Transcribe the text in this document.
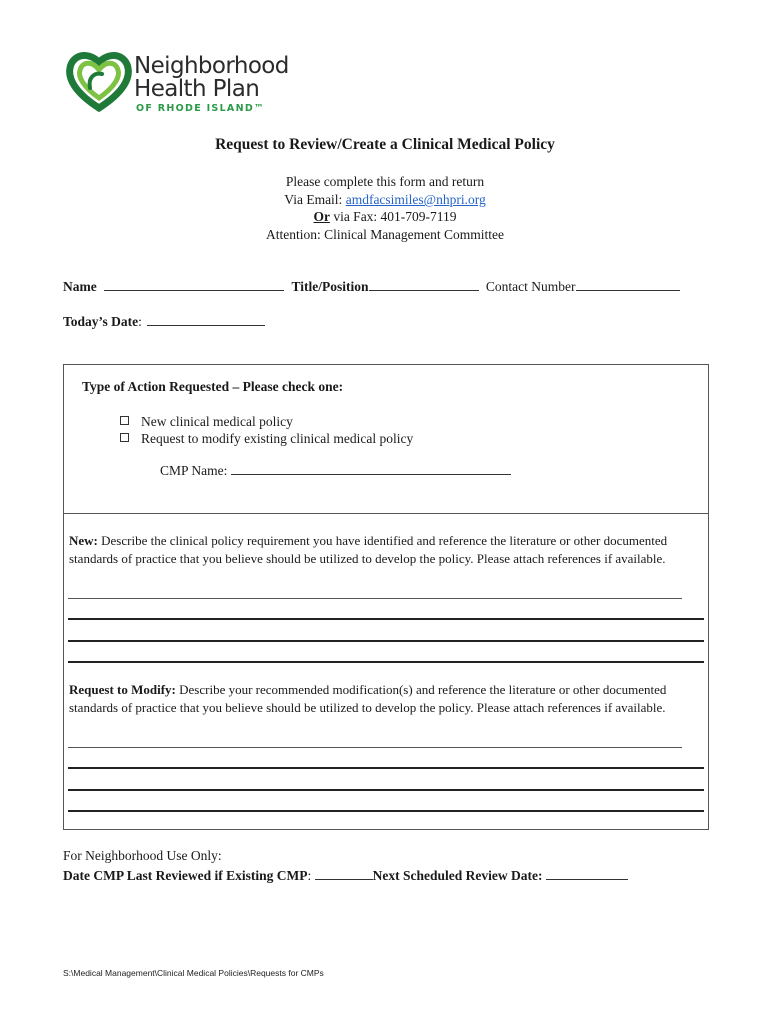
Neighborhood
Health Plan
OF RHODE ISLAND™
Request to Review/Create a Clinical Medical Policy
Please complete this form and return
Via Email: amdfacsimiles@nhpri.org
Or via Fax: 401-709-7119
Attention: Clinical Management Committee
Name	Title/Position	Contact Number
Today’s Date:
Type of Action Requested – Please check one:
New clinical medical policy
Request to modify existing clinical medical policy
CMP Name:
New: Describe the clinical policy requirement you have identified and reference the literature or other documented standards of practice that you believe should be utilized to develop the policy. Please attach references if available.
Request to Modify: Describe your recommended modification(s) and reference the literature or other documented standards of practice that you believe should be utilized to develop the policy. Please attach references if available.
For Neighborhood Use Only:
Date CMP Last Reviewed if Existing CMP:	Next Scheduled Review Date:
S:\Medical Management\Clinical Medical Policies\Requests for CMPs
